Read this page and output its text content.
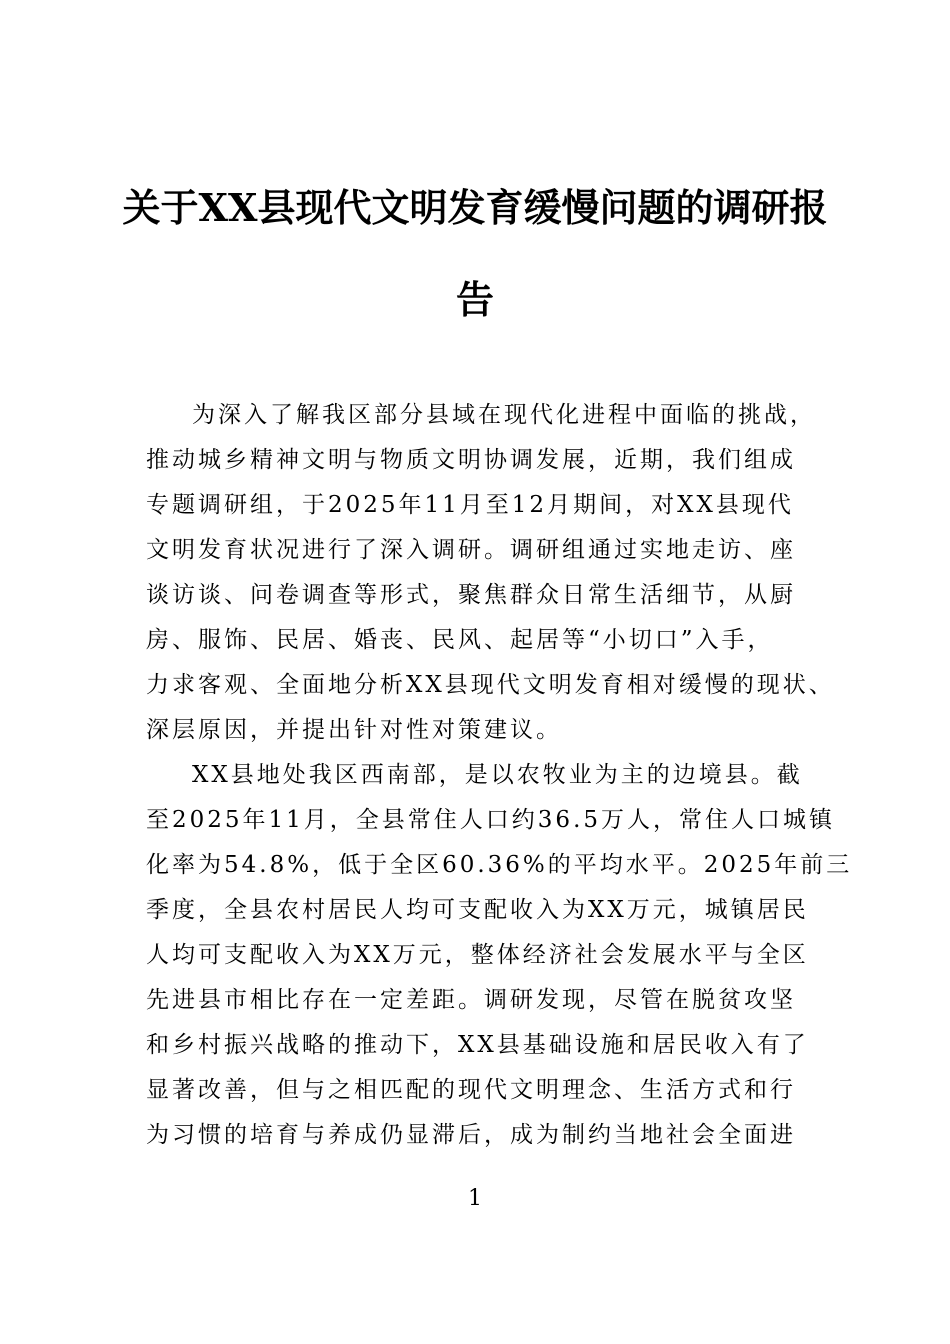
关于XX县现代文明发育缓慢问题的调研报
告

为深入了解我区部分县域在现代化进程中面临的挑战，
推动城乡精神文明与物质文明协调发展，近期，我们组成
专题调研组，于2025年11月至12月期间，对XX县现代
文明发育状况进行了深入调研。调研组通过实地走访、座
谈访谈、问卷调查等形式，聚焦群众日常生活细节，从厨
房、服饰、民居、婚丧、民风、起居等“小切口”入手，
力求客观、全面地分析XX县现代文明发育相对缓慢的现状、
深层原因，并提出针对性对策建议。

XX县地处我区西南部，是以农牧业为主的边境县。截
至2025年11月，全县常住人口约36.5万人，常住人口城镇
化率为54.8%，低于全区60.36%的平均水平。2025年前三
季度，全县农村居民人均可支配收入为XX万元，城镇居民
人均可支配收入为XX万元，整体经济社会发展水平与全区
先进县市相比存在一定差距。调研发现，尽管在脱贫攻坚
和乡村振兴战略的推动下，XX县基础设施和居民收入有了
显著改善，但与之相匹配的现代文明理念、生活方式和行
为习惯的培育与养成仍显滞后，成为制约当地社会全面进

1
